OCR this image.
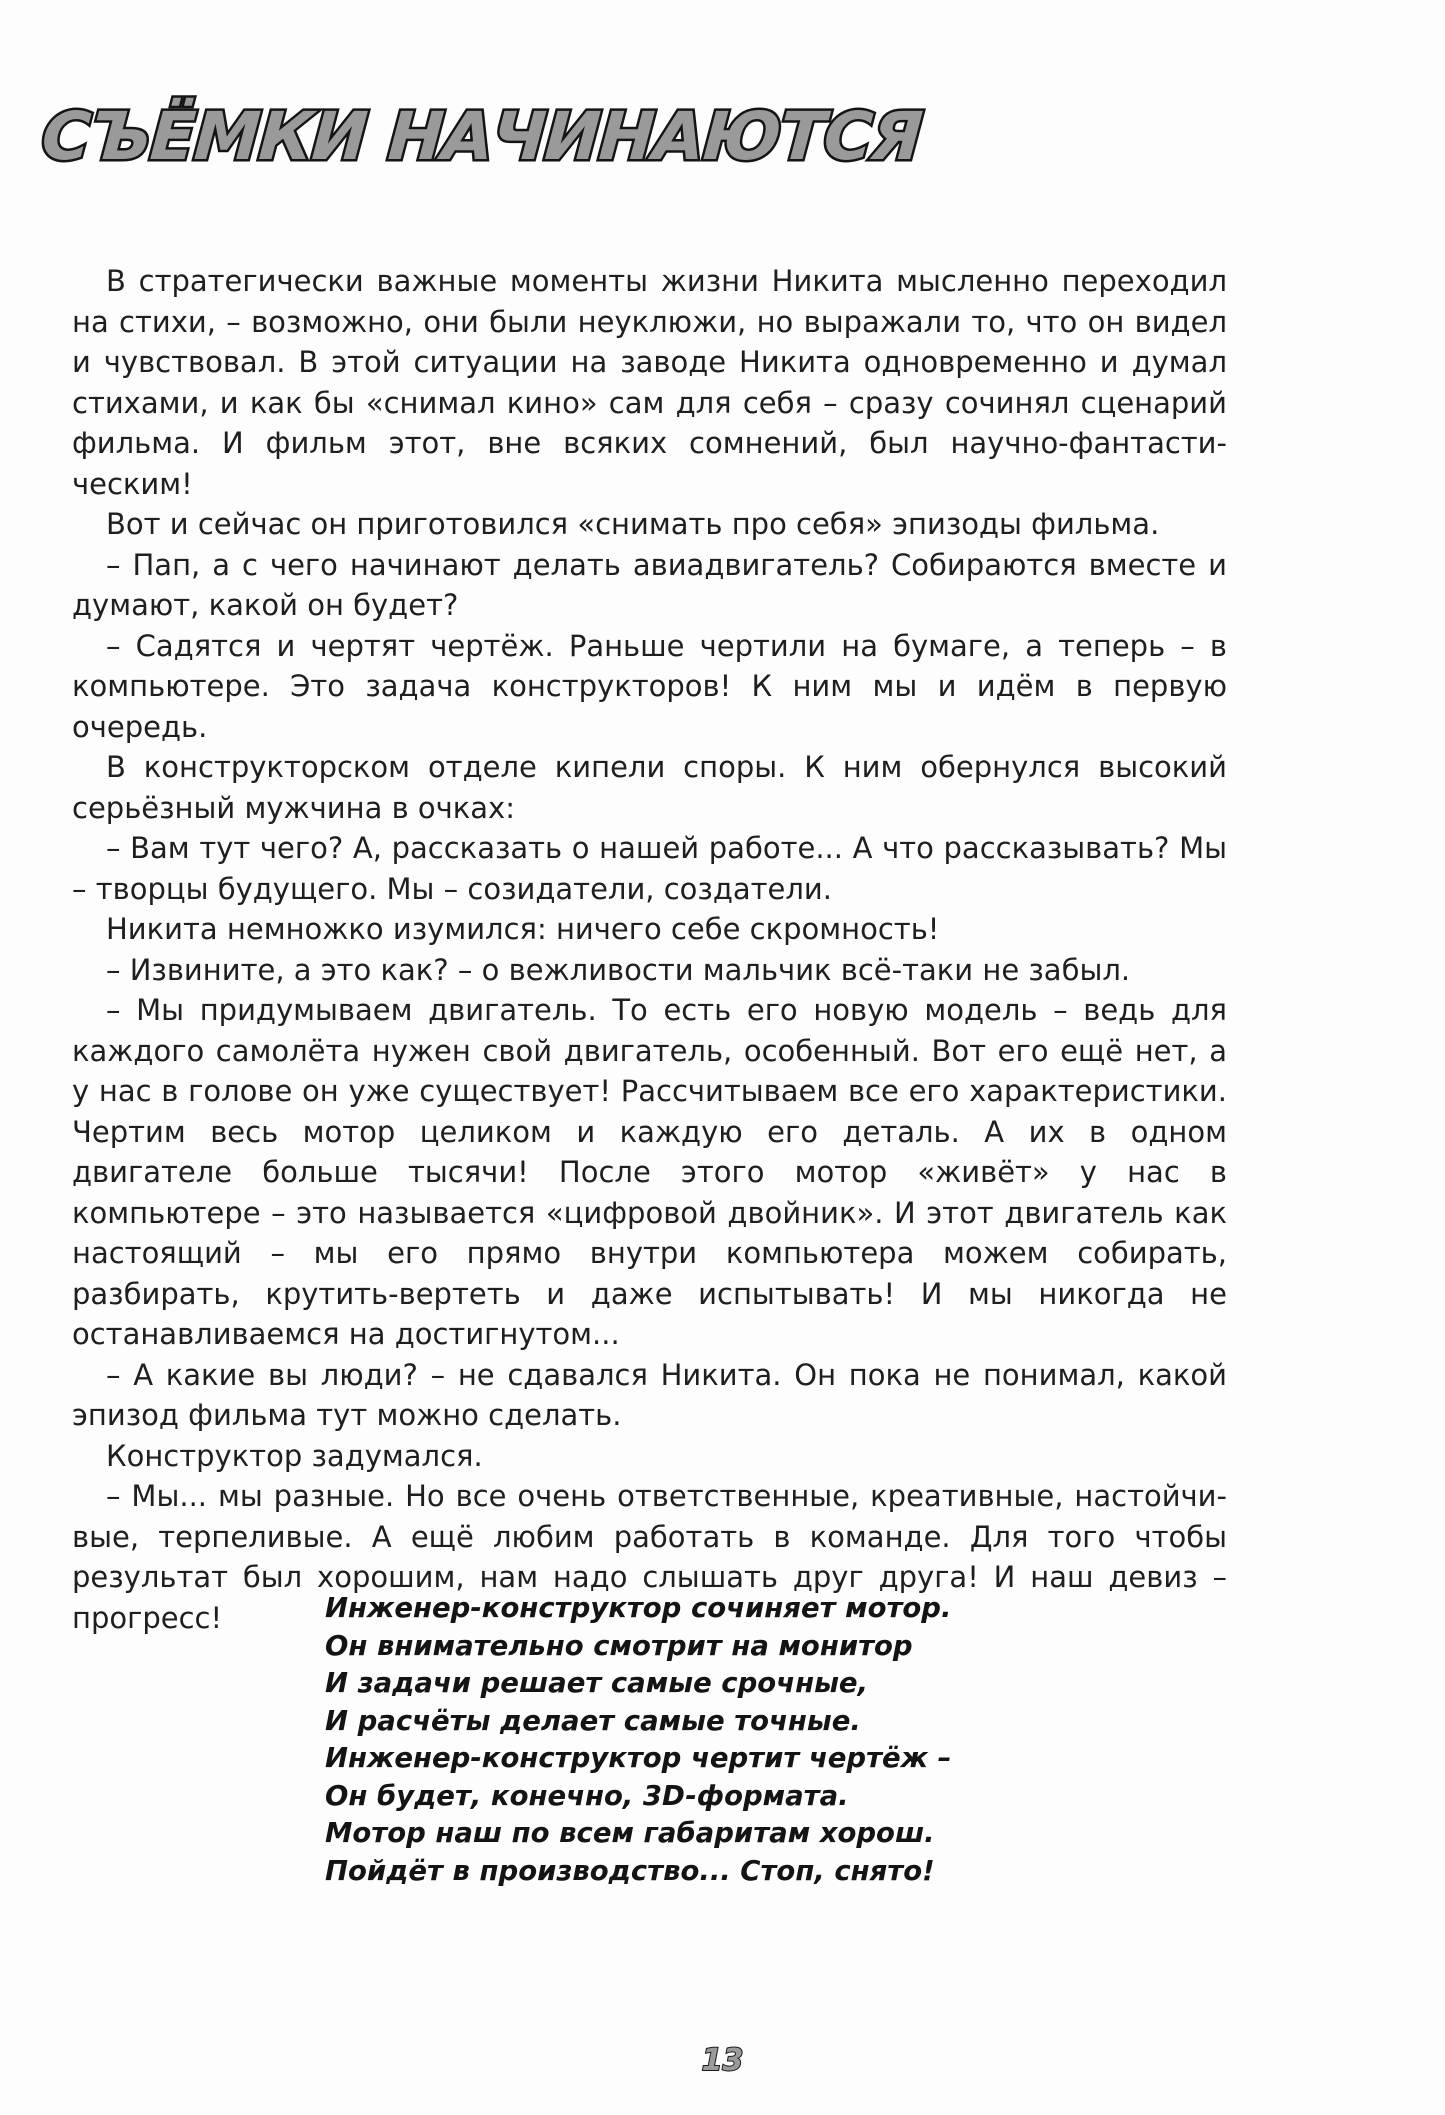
СЪЁМКИ НАЧИНАЮТСЯ

В стратегически важные моменты жизни Никита мысленно переходил на стихи, – возможно, они были неуклюжи, но выражали то, что он видел и чувствовал. В этой ситуации на заводе Никита одновременно и думал стихами, и как бы «снимал кино» сам для себя – сразу сочинял сценарий фильма. И фильм этот, вне всяких сомнений, был научно-фантастическим!

Вот и сейчас он приготовился «снимать про себя» эпизоды фильма.

– Пап, а с чего начинают делать авиадвигатель? Собираются вместе и думают, какой он будет?

– Садятся и чертят чертёж. Раньше чертили на бумаге, а теперь – в компьютере. Это задача конструкторов! К ним мы и идём в первую очередь.

В конструкторском отделе кипели споры. К ним обернулся высокий серьёзный мужчина в очках:

– Вам тут чего? А, рассказать о нашей работе... А что рассказывать? Мы – творцы будущего. Мы – созидатели, создатели.

Никита немножко изумился: ничего себе скромность!

– Извините, а это как? – о вежливости мальчик всё-таки не забыл.

– Мы придумываем двигатель. То есть его новую модель – ведь для каждого самолёта нужен свой двигатель, особенный. Вот его ещё нет, а у нас в голове он уже существует! Рассчитываем все его характеристики. Чертим весь мотор целиком и каждую его деталь. А их в одном двигателе больше тысячи! После этого мотор «живёт» у нас в компьютере – это называется «цифровой двойник». И этот двигатель как настоящий – мы его прямо внутри компьютера можем собирать, разбирать, крутить-вертеть и даже испытывать! И мы никогда не останавливаемся на достигнутом...

– А какие вы люди? – не сдавался Никита. Он пока не понимал, какой эпизод фильма тут можно сделать.

Конструктор задумался.

– Мы... мы разные. Но все очень ответственные, креативные, настойчивые, терпеливые. А ещё любим работать в команде. Для того чтобы результат был хорошим, нам надо слышать друг друга! И наш девиз – прогресс!	Инженер-конструктор сочиняет мотор.
Он внимательно смотрит на монитор
И задачи решает самые срочные,
И расчёты делает самые точные.
Инженер-конструктор чертит чертёж –
Он будет, конечно, 3D-формата.
Мотор наш по всем габаритам хорош.
Пойдёт в производство... Стоп, снято!
13
